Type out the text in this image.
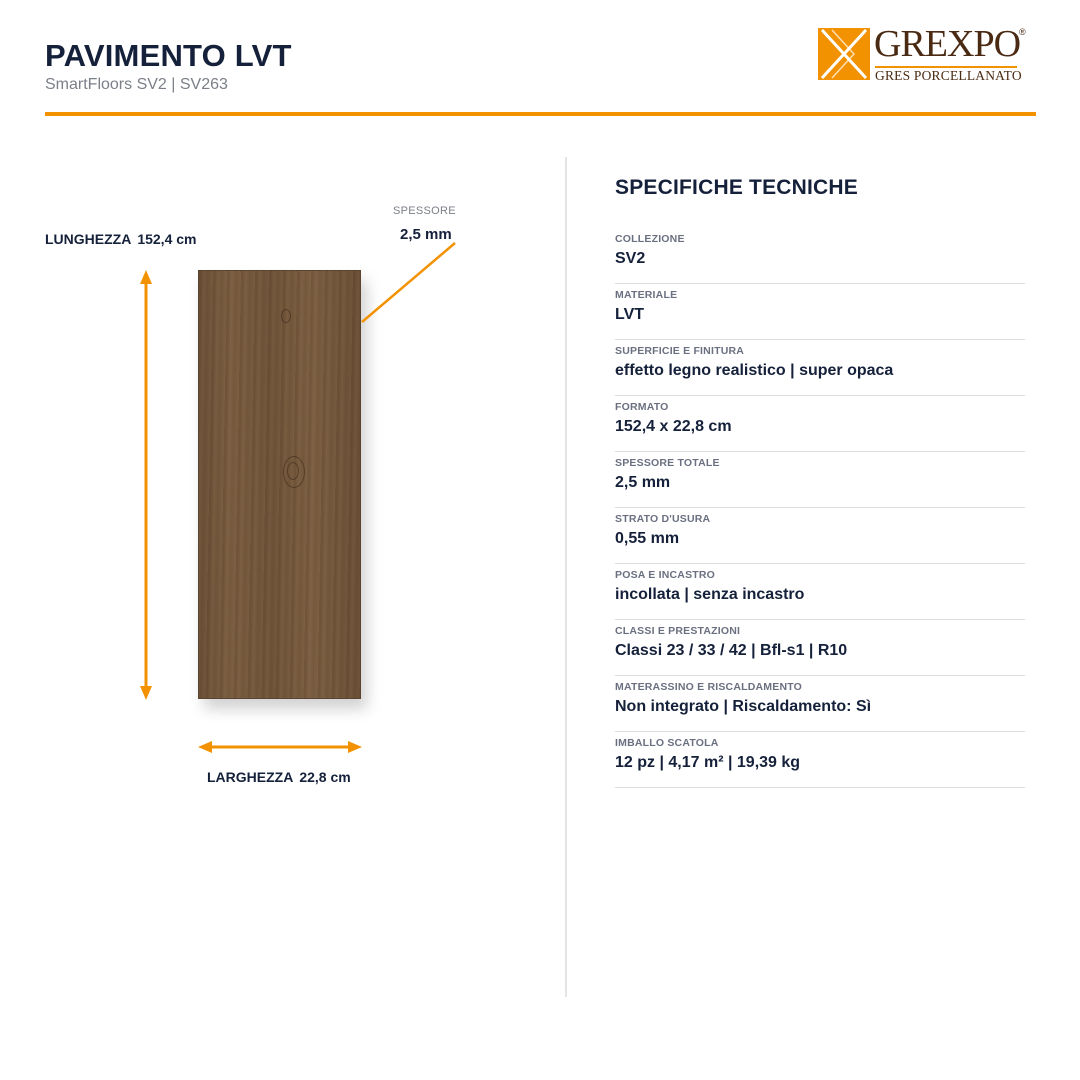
PAVIMENTO LVT
SmartFloors SV2 | SV263
GREXPO
®
GRES PORCELLANATO
LUNGHEZZA 152,4 cm
SPESSORE
2,5 mm
LARGHEZZA 22,8 cm
SPECIFICHE TECNICHE
COLLEZIONE
SV2
MATERIALE
LVT
SUPERFICIE E FINITURA
effetto legno realistico | super opaca
FORMATO
152,4 x 22,8 cm
SPESSORE TOTALE
2,5 mm
STRATO D'USURA
0,55 mm
POSA E INCASTRO
incollata | senza incastro
CLASSI E PRESTAZIONI
Classi 23 / 33 / 42 | Bfl-s1 | R10
MATERASSINO E RISCALDAMENTO
Non integrato | Riscaldamento: Sì
IMBALLO SCATOLA
12 pz | 4,17 m² | 19,39 kg
